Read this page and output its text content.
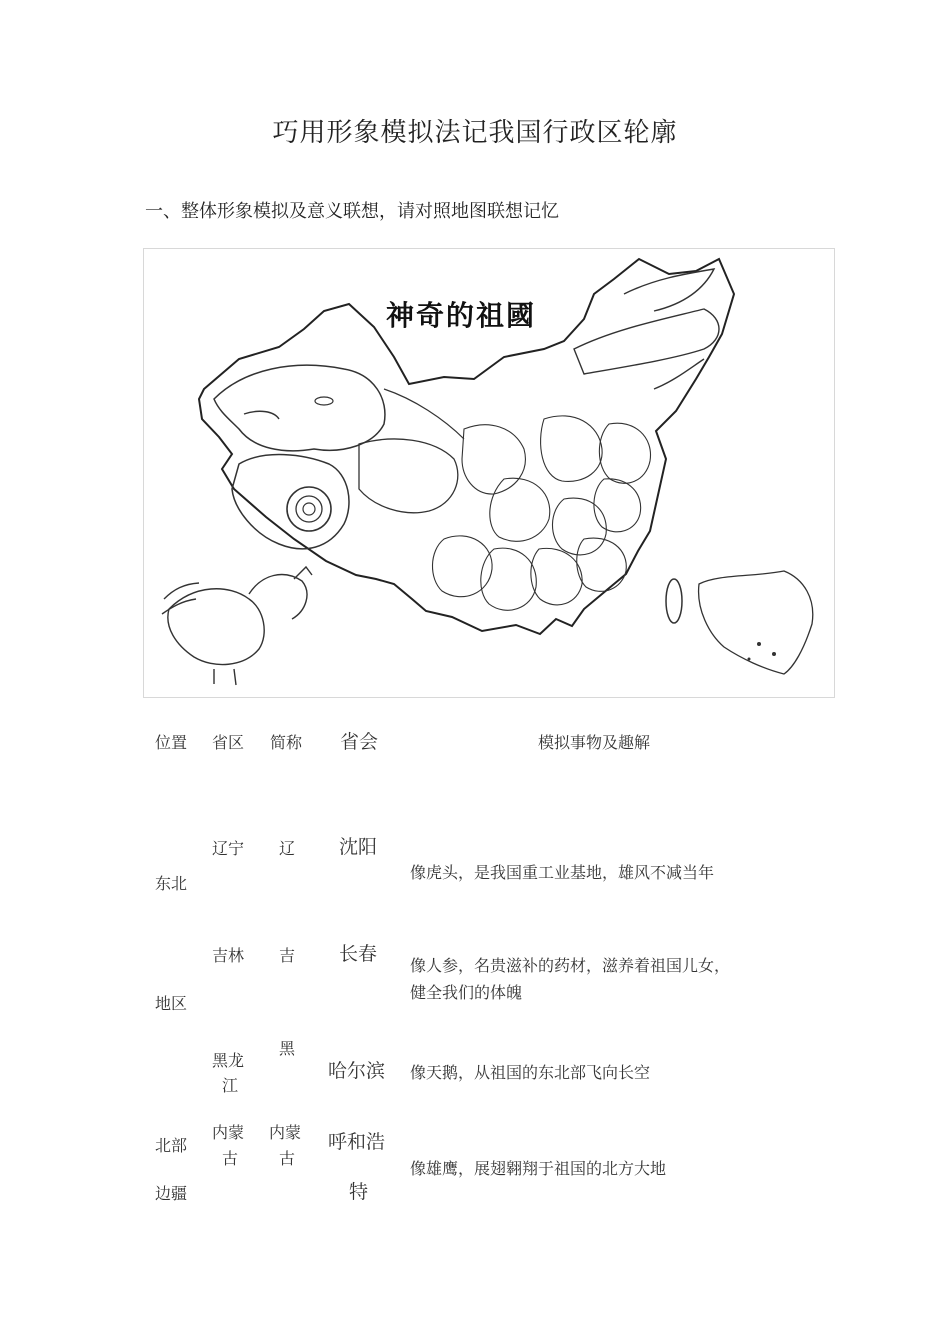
巧用形象模拟法记我国行政区轮廓
一、整体形象模拟及意义联想，请对照地图联想记忆
神奇的祖國
位置 省区 简称 省会	模拟事物及趣解
东北
地区
北部
边疆
辽宁 辽 沈阳
像虎头，是我国重工业基地，雄风不减当年
吉林 吉 长春
像人参，名贵滋补的药材，滋养着祖国儿女，
健全我们的体魄
黑龙
江
黑
哈尔滨 像天鹅，从祖国的东北部飞向长空
内蒙
古
内蒙
古
呼和浩
特
像雄鹰，展翅翱翔于祖国的北方大地
